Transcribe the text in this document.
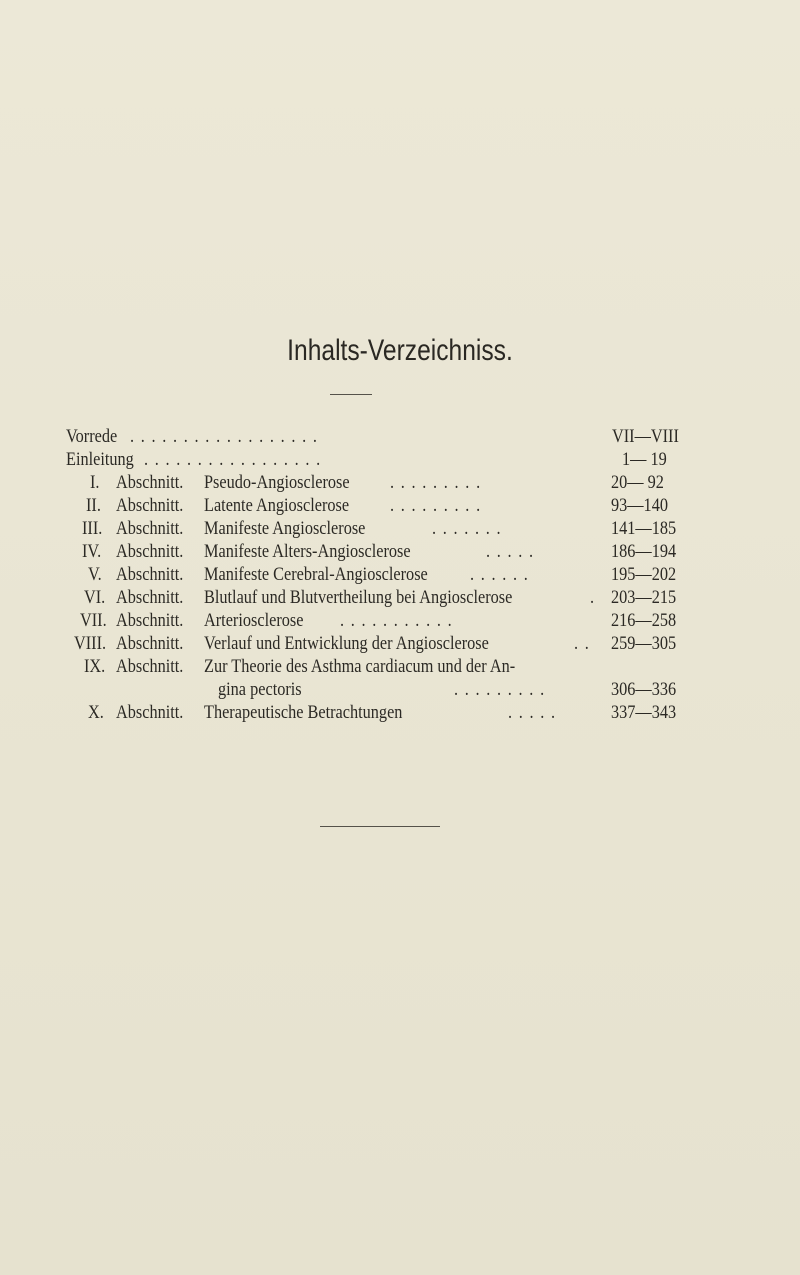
Inhalts-Verzeichniss.
Vorrede ..................	VII—VIII
Einleitung .................	1— 19
I. Abschnitt. Pseudo-Angiosclerose .........	20— 92
II. Abschnitt. Latente Angiosclerose .........	93—140
III. Abschnitt. Manifeste Angiosclerose	.......	141—185
IV. Abschnitt. Manifeste Alters-Angiosclerose	.....	186—194
V. Abschnitt. Manifeste Cerebral-Angiosclerose ......	195—202
VI. Abschnitt. Blutlauf und Blutvertheilung bei Angiosclerose	. 203—215
VII. Abschnitt. Arteriosclerose ...........	216—258
VIII. Abschnitt. Verlauf und Entwicklung der Angiosclerose	.. 259—305
IX. Abschnitt. Zur Theorie des Asthma cardiacum und der An-
gina pectoris	.........	306—336
X. Abschnitt. Therapeutische Betrachtungen	.....	337—343
